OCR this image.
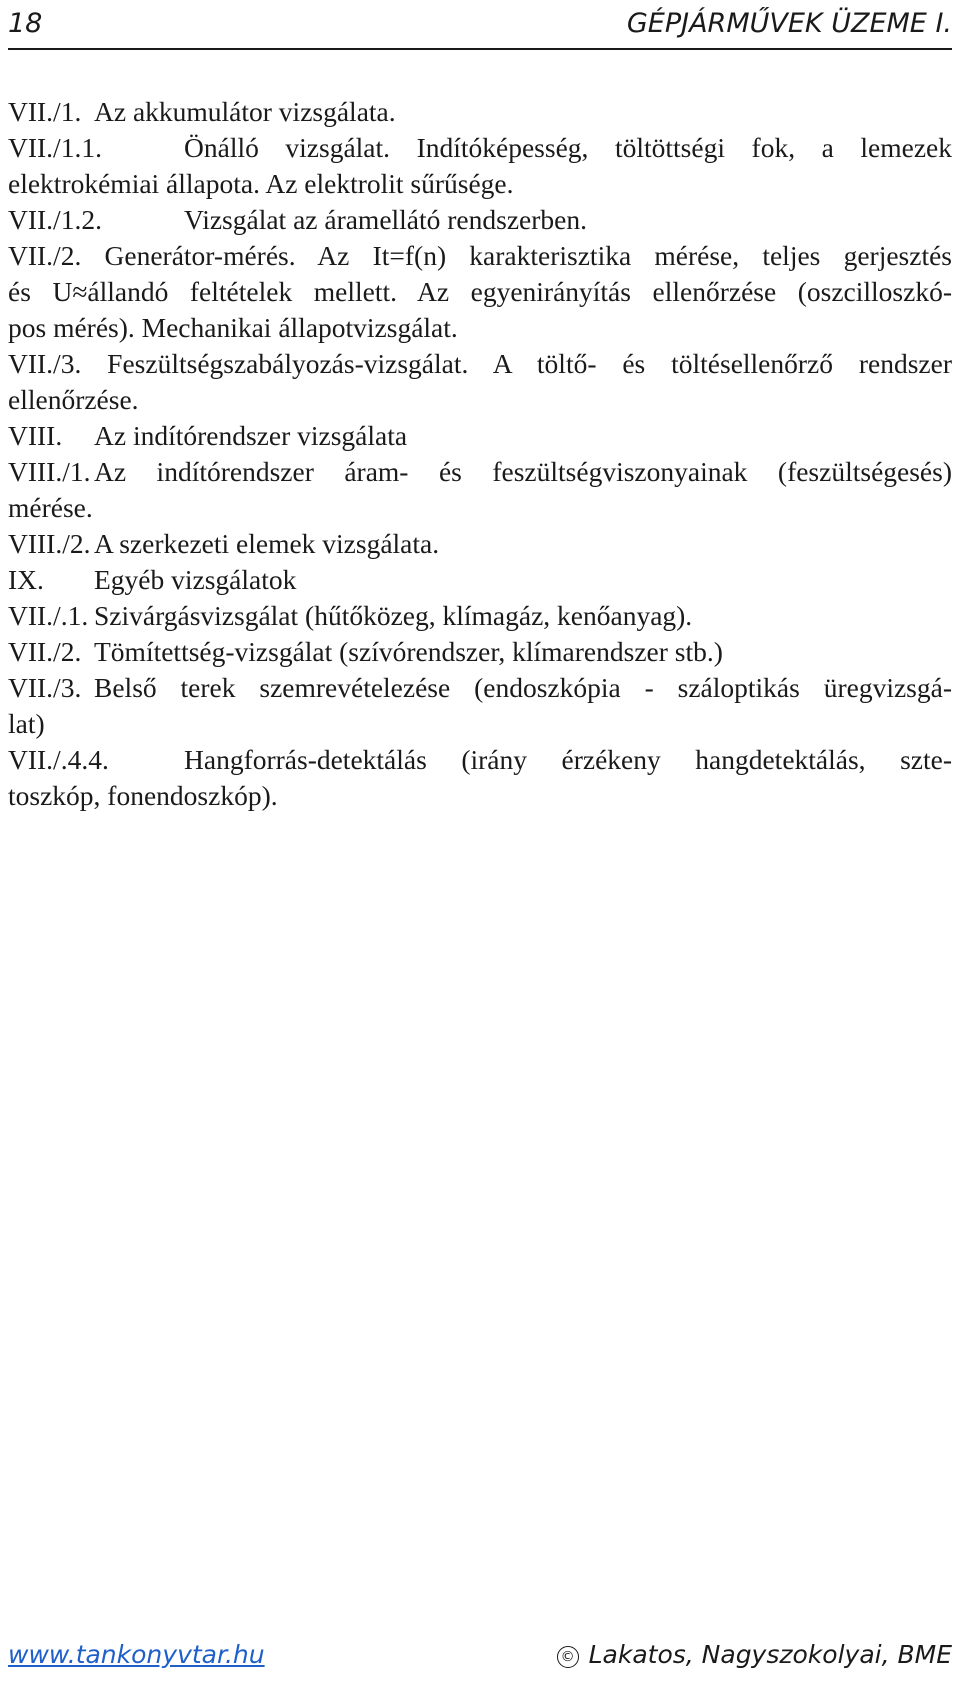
18	GÉPJÁRMŰVEK ÜZEME I.
VII./1. Az akkumulátor vizsgálata.
VII./1.1.	Önálló vizsgálat. Indítóképesség, töltöttségi fok, a lemezek
elektrokémiai állapota. Az elektrolit sűrűsége.
VII./1.2.	Vizsgálat az áramellátó rendszerben.
VII./2. Generátor-mérés. Az It=f(n) karakterisztika mérése, teljes gerjesztés
és U≈állandó feltételek mellett. Az egyenirányítás ellenőrzése (oszcilloszkó-
pos mérés). Mechanikai állapotvizsgálat.
VII./3. Feszültségszabályozás-vizsgálat. A töltő- és töltésellenőrző rendszer
ellenőrzése.
VIII. Az indítórendszer vizsgálata
VIII./1. Az indítórendszer áram- és feszültségviszonyainak (feszültségesés)
mérése.
VIII./2. A szerkezeti elemek vizsgálata.
IX. Egyéb vizsgálatok
VII./.1. Szivárgásvizsgálat (hűtőközeg, klímagáz, kenőanyag).
VII./2. Tömítettség-vizsgálat (szívórendszer, klímarendszer stb.)
VII./3. Belső terek szemrevételezése (endoszkópia - száloptikás üregvizsgá-
lat)
VII./.4.4.	Hangforrás-detektálás (irány érzékeny hangdetektálás, szte-
toszkóp, fonendoszkóp).
www.tankonyvtar.hu	© Lakatos, Nagyszokolyai, BME
